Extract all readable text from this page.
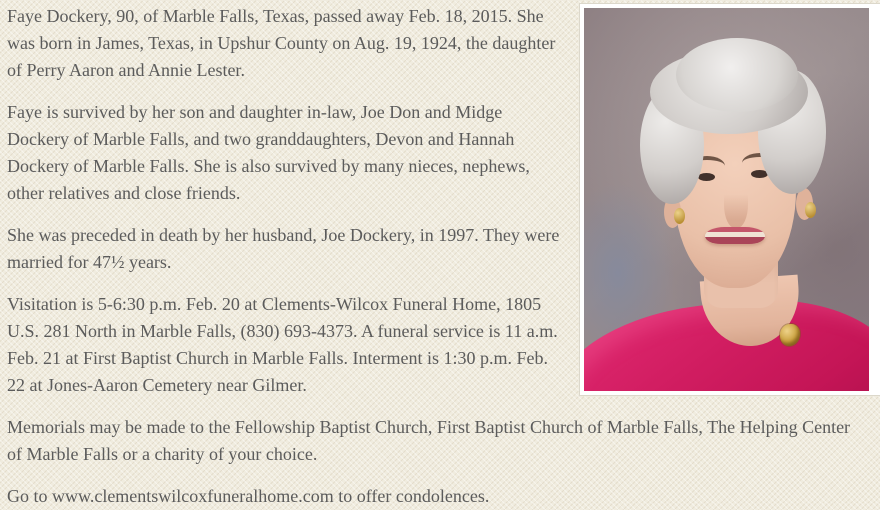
Faye Dockery, 90, of Marble Falls, Texas, passed away Feb. 18, 2015. She was born in James, Texas, in Upshur County on Aug. 19, 1924, the daughter of Perry Aaron and Annie Lester.

Faye is survived by her son and daughter in-law, Joe Don and Midge Dockery of Marble Falls, and two granddaughters, Devon and Hannah Dockery of Marble Falls. She is also survived by many nieces, nephews, other relatives and close friends.

She was preceded in death by her husband, Joe Dockery, in 1997. They were married for 47½ years.

Visitation is 5-6:30 p.m. Feb. 20 at Clements-Wilcox Funeral Home, 1805 U.S. 281 North in Marble Falls, (830) 693-4373. A funeral service is 11 a.m. Feb. 21 at First Baptist Church in Marble Falls. Interment is 1:30 p.m. Feb. 22 at Jones-Aaron Cemetery near Gilmer.

Memorials may be made to the Fellowship Baptist Church, First Baptist Church of Marble Falls, The Helping Center of Marble Falls or a charity of your choice.

Go to www.clementswilcoxfuneralhome.com to offer condolences.
